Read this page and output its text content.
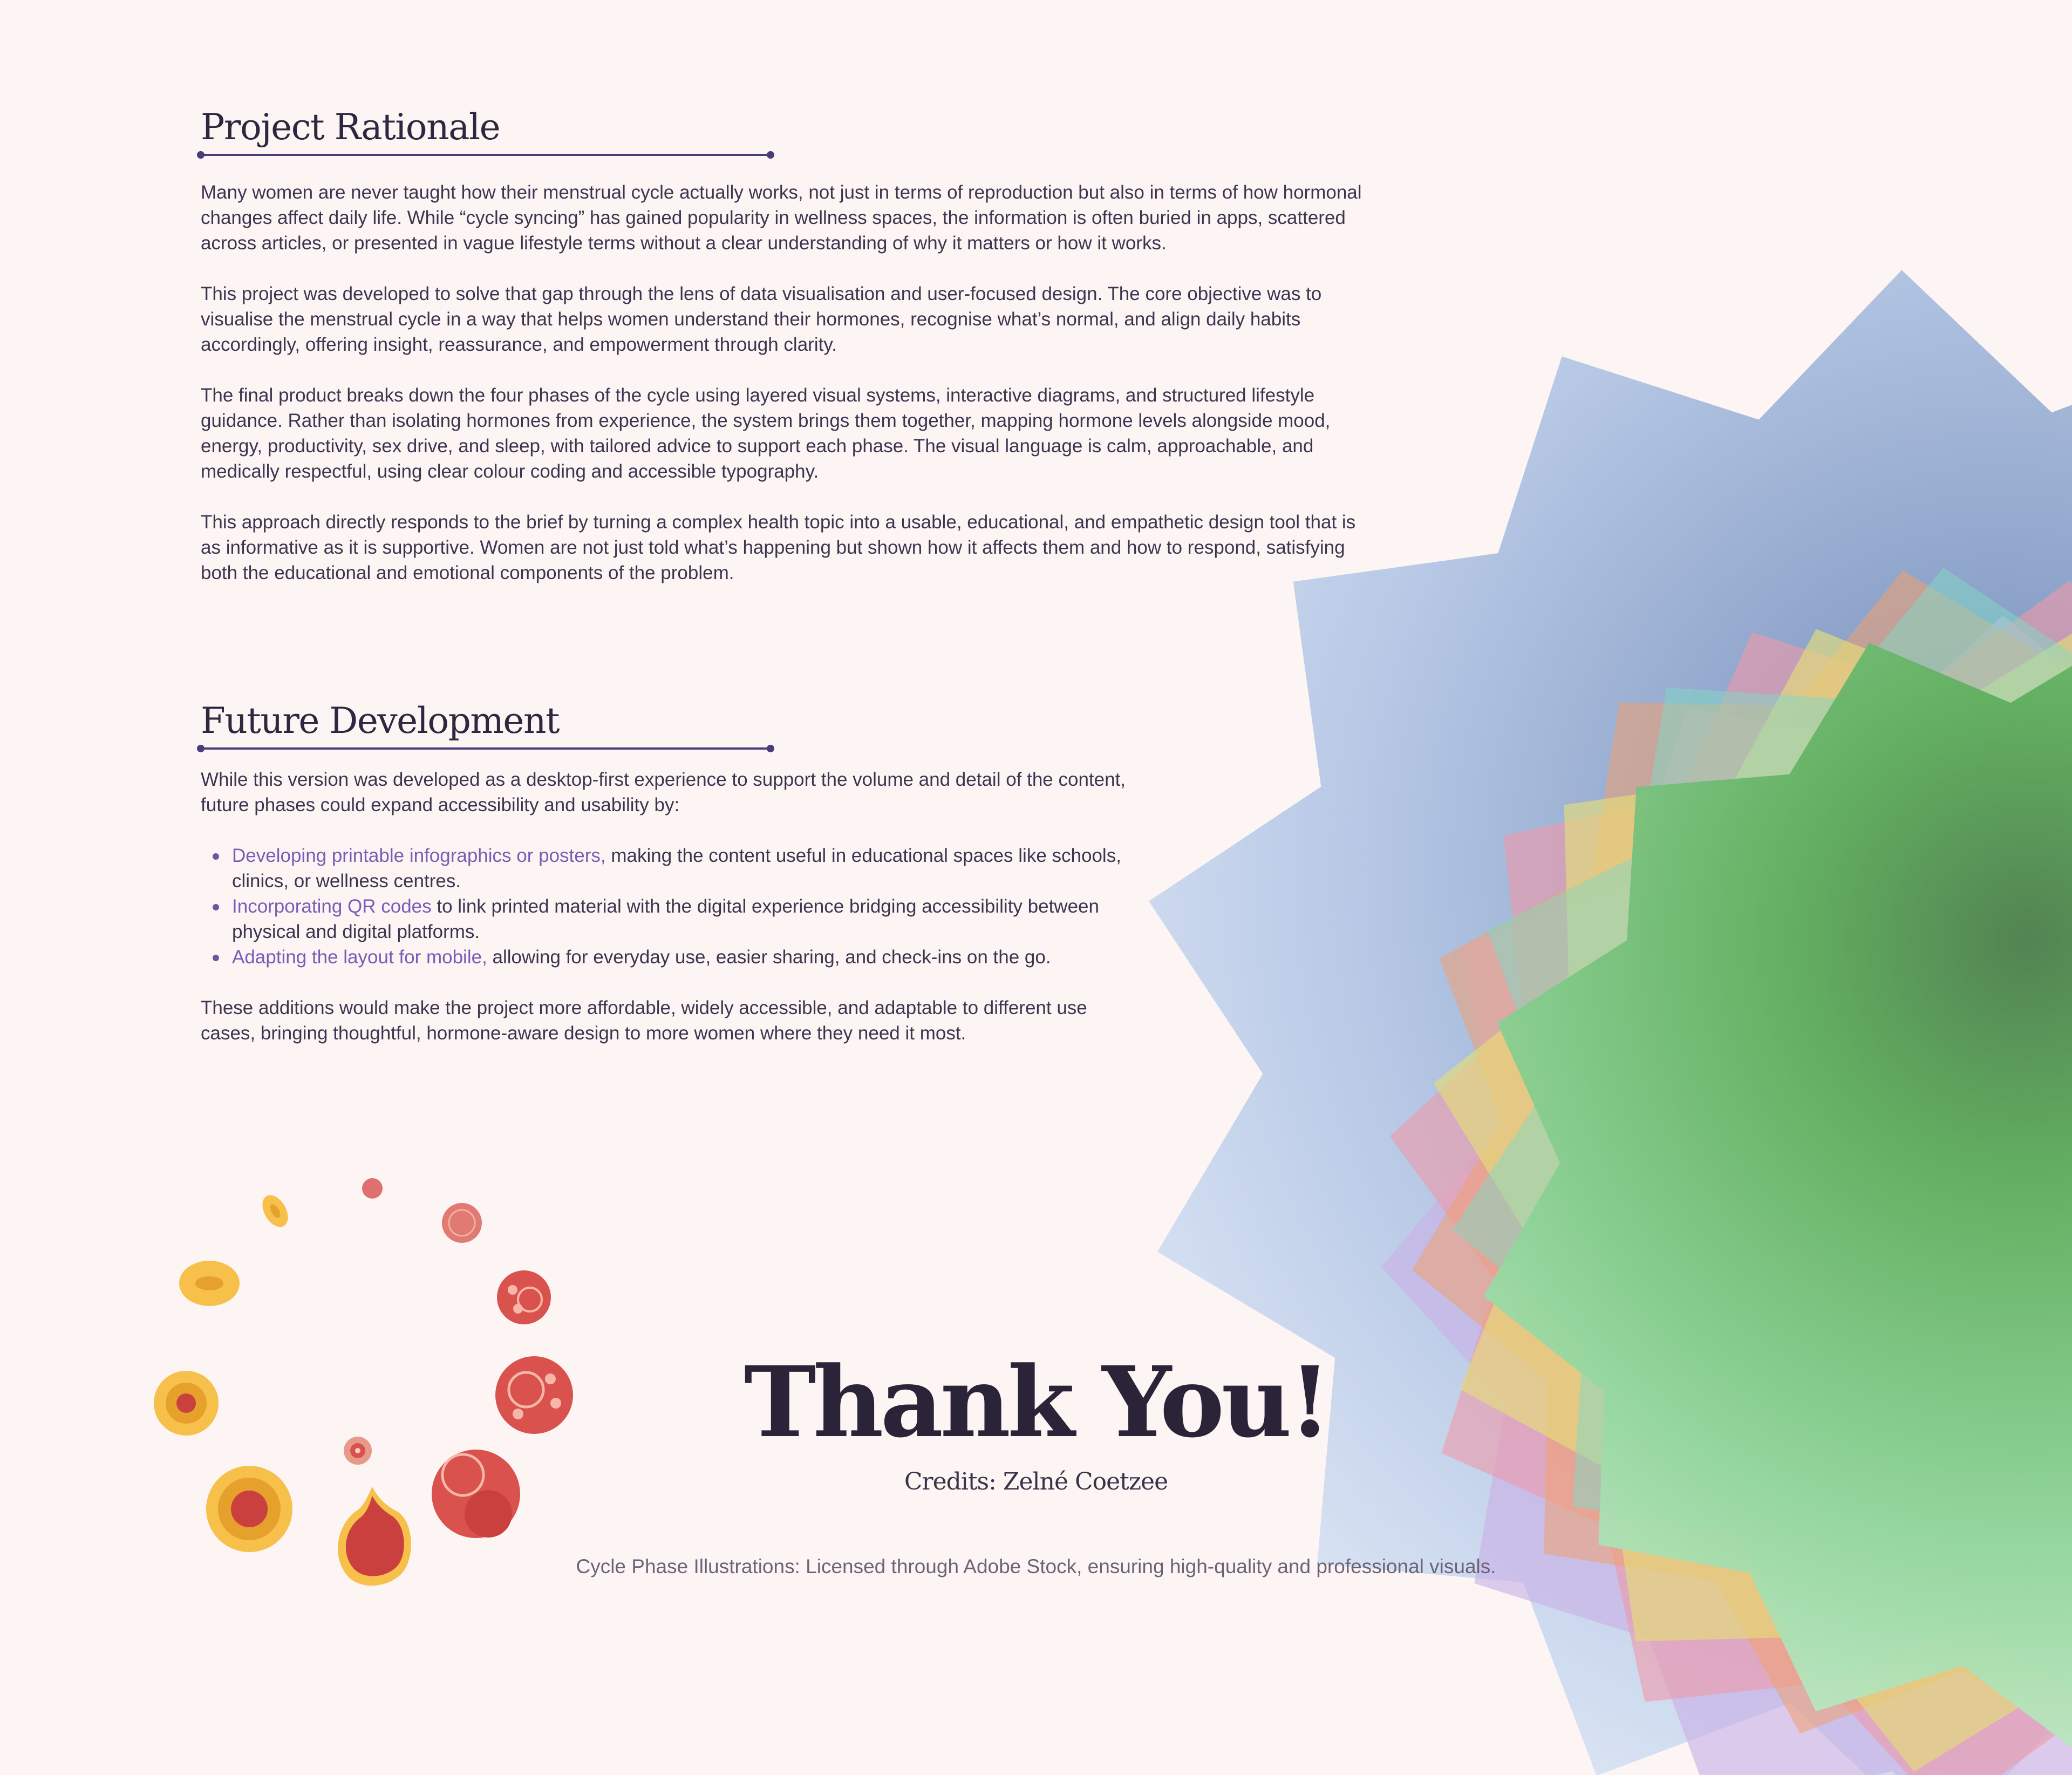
Project Rationale

Many women are never taught how their menstrual cycle actually works, not just in terms of reproduction but also in terms of how hormonal changes affect daily life. While “cycle syncing” has gained popularity in wellness spaces, the information is often buried in apps, scattered across articles, or presented in vague lifestyle terms without a clear understanding of why it matters or how it works.

This project was developed to solve that gap through the lens of data visualisation and user-focused design. The core objective was to visualise the menstrual cycle in a way that helps women understand their hormones, recognise what’s normal, and align daily habits accordingly, offering insight, reassurance, and empowerment through clarity.

The final product breaks down the four phases of the cycle using layered visual systems, interactive diagrams, and structured lifestyle guidance. Rather than isolating hormones from experience, the system brings them together, mapping hormone levels alongside mood, energy, productivity, sex drive, and sleep, with tailored advice to support each phase. The visual language is calm, approachable, and medically respectful, using clear colour coding and accessible typography.

This approach directly responds to the brief by turning a complex health topic into a usable, educational, and empathetic design tool that is as informative as it is supportive. Women are not just told what’s happening but shown how it affects them and how to respond, satisfying both the educational and emotional components of the problem.

Future Development

While this version was developed as a desktop-first experience to support the volume and detail of the content, future phases could expand accessibility and usability by:

Developing printable infographics or posters, making the content useful in educational spaces like schools, clinics, or wellness centres.
Incorporating QR codes to link printed material with the digital experience bridging accessibility between physical and digital platforms.
Adapting the layout for mobile, allowing for everyday use, easier sharing, and check-ins on the go.

These additions would make the project more affordable, widely accessible, and adaptable to different use cases, bringing thoughtful, hormone-aware design to more women where they need it most.

Thank You!
Credits: Zelné Coetzee
Cycle Phase Illustrations: Licensed through Adobe Stock, ensuring high-quality and professional visuals.
